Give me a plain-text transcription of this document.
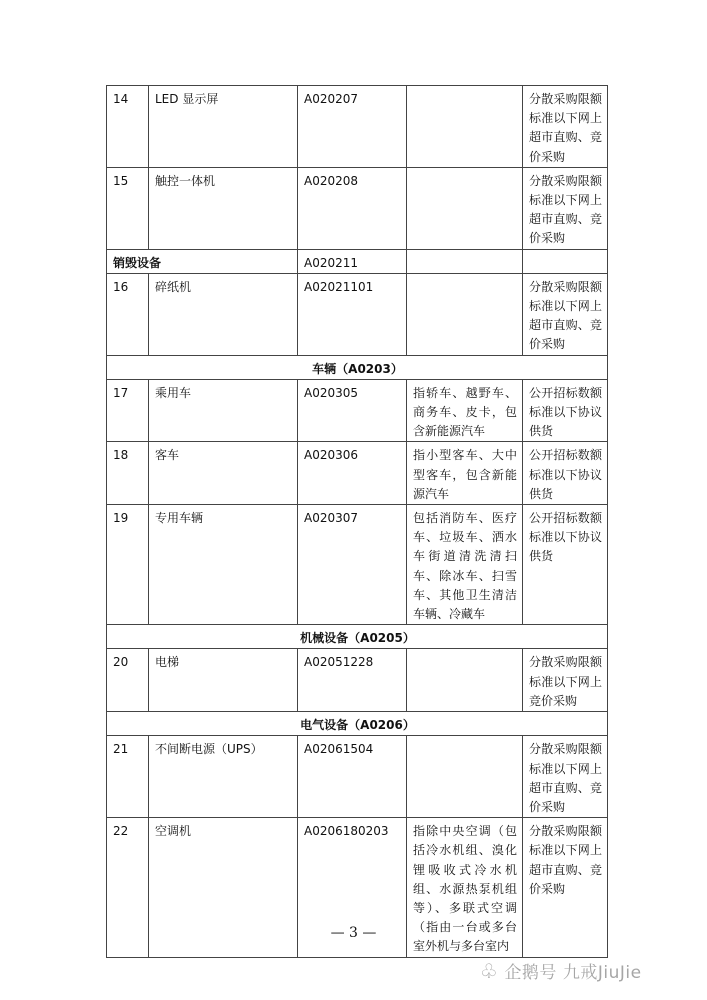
14	LED 显示屏	A020207		分散采购限额标准以下网上超市直购、竞价采购
15	触控一体机	A020208		分散采购限额标准以下网上超市直购、竞价采购
销毁设备		A020211		
16	碎纸机	A02021101		分散采购限额标准以下网上超市直购、竞价采购
车辆（A0203）				
17	乘用车	A020305	指轿车、越野车、商务车、皮卡，包含新能源汽车	公开招标数额标准以下协议供货
18	客车	A020306	指小型客车、大中型客车，包含新能源汽车	公开招标数额标准以下协议供货
19	专用车辆	A020307	包括消防车、医疗车、垃圾车、洒水车街道清洗清扫车、除冰车、扫雪车、其他卫生清洁车辆、冷藏车	公开招标数额标准以下协议供货
机械设备（A0205）				
20	电梯	A02051228		分散采购限额标准以下网上竞价采购
电气设备（A0206）				
21	不间断电源（UPS）	A02061504		分散采购限额标准以下网上超市直购、竞价采购
22	空调机	A0206180203	指除中央空调（包括冷水机组、溴化锂吸收式冷水机组、水源热泵机组等）、多联式空调（指由一台或多台室外机与多台室内	分散采购限额标准以下网上超市直购、竞价采购
— 3 —
♧ 企鹅号 九戒JiuJie
